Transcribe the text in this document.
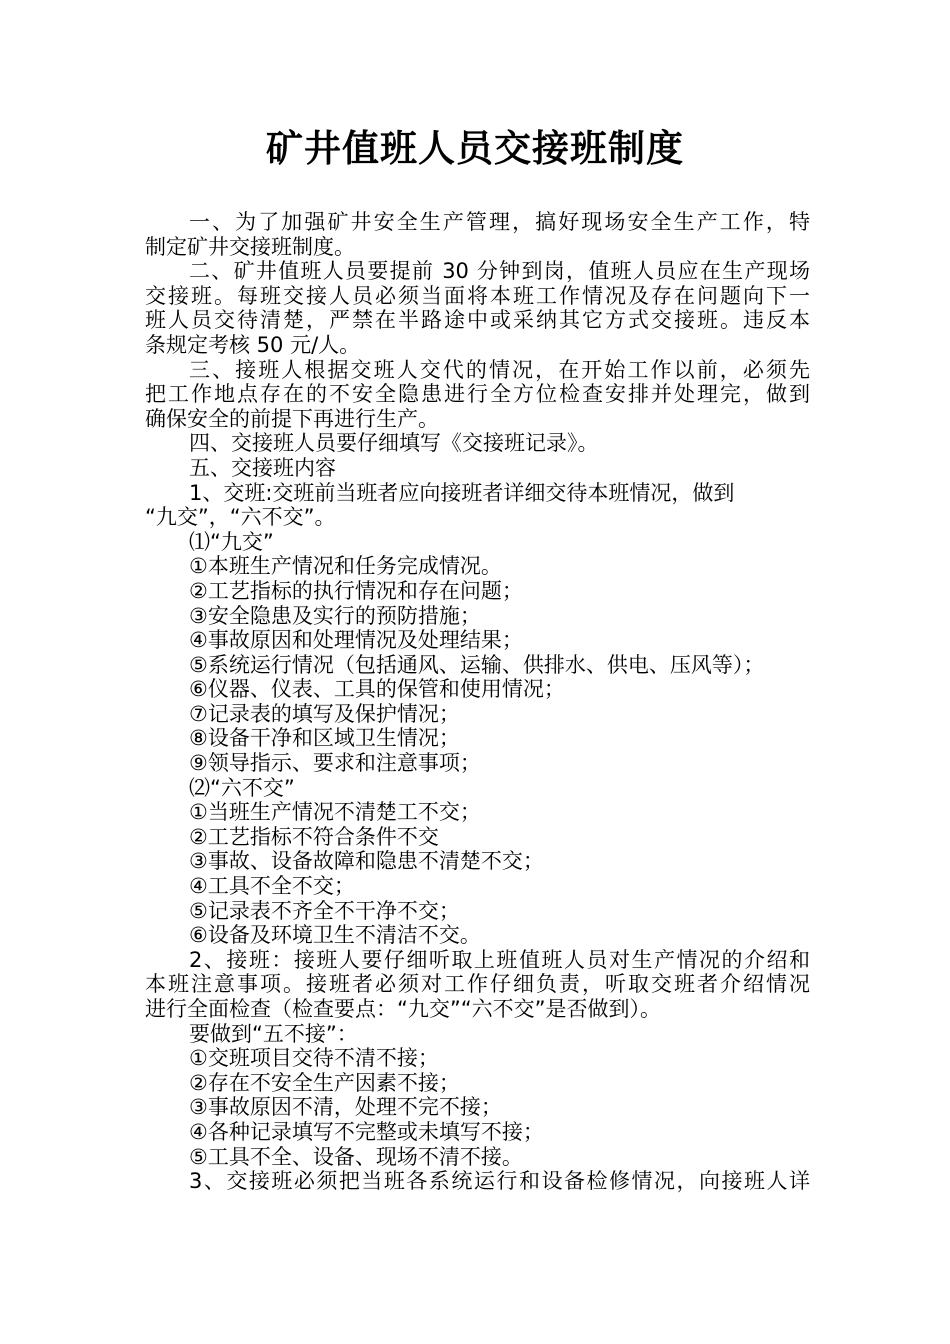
矿井值班人员交接班制度
一、为了加强矿井安全生产管理，搞好现场安全生产工作，特
制定矿井交接班制度。
二、矿井值班人员要提前 30 分钟到岗，值班人员应在生产现场
交接班。每班交接人员必须当面将本班工作情况及存在问题向下一
班人员交待清楚，严禁在半路途中或采纳其它方式交接班。违反本
条规定考核 50 元/人。
三、接班人根据交班人交代的情况，在开始工作以前，必须先
把工作地点存在的不安全隐患进行全方位检查安排并处理完，做到
确保安全的前提下再进行生产。
四、交接班人员要仔细填写《交接班记录》。
五、交接班内容
1、交班:交班前当班者应向接班者详细交待本班情况，做到
“九交”，“六不交”。
⑴“九交”
①本班生产情况和任务完成情况。
②工艺指标的执行情况和存在问题；
③安全隐患及实行的预防措施；
④事故原因和处理情况及处理结果；
⑤系统运行情况（包括通风、运输、供排水、供电、压风等）；
⑥仪器、仪表、工具的保管和使用情况；
⑦记录表的填写及保护情况；
⑧设备干净和区域卫生情况；
⑨领导指示、要求和注意事项；
⑵“六不交”
①当班生产情况不清楚工不交；
②工艺指标不符合条件不交
③事故、设备故障和隐患不清楚不交；
④工具不全不交；
⑤记录表不齐全不干净不交；
⑥设备及环境卫生不清洁不交。
2、接班：接班人要仔细听取上班值班人员对生产情况的介绍和
本班注意事项。接班者必须对工作仔细负责，听取交班者介绍情况
进行全面检查（检查要点：“九交”“六不交”是否做到）。
要做到“五不接”：
①交班项目交待不清不接；
②存在不安全生产因素不接；
③事故原因不清，处理不完不接；
④各种记录填写不完整或未填写不接；
⑤工具不全、设备、现场不清不接。
3、交接班必须把当班各系统运行和设备检修情况，向接班人详
